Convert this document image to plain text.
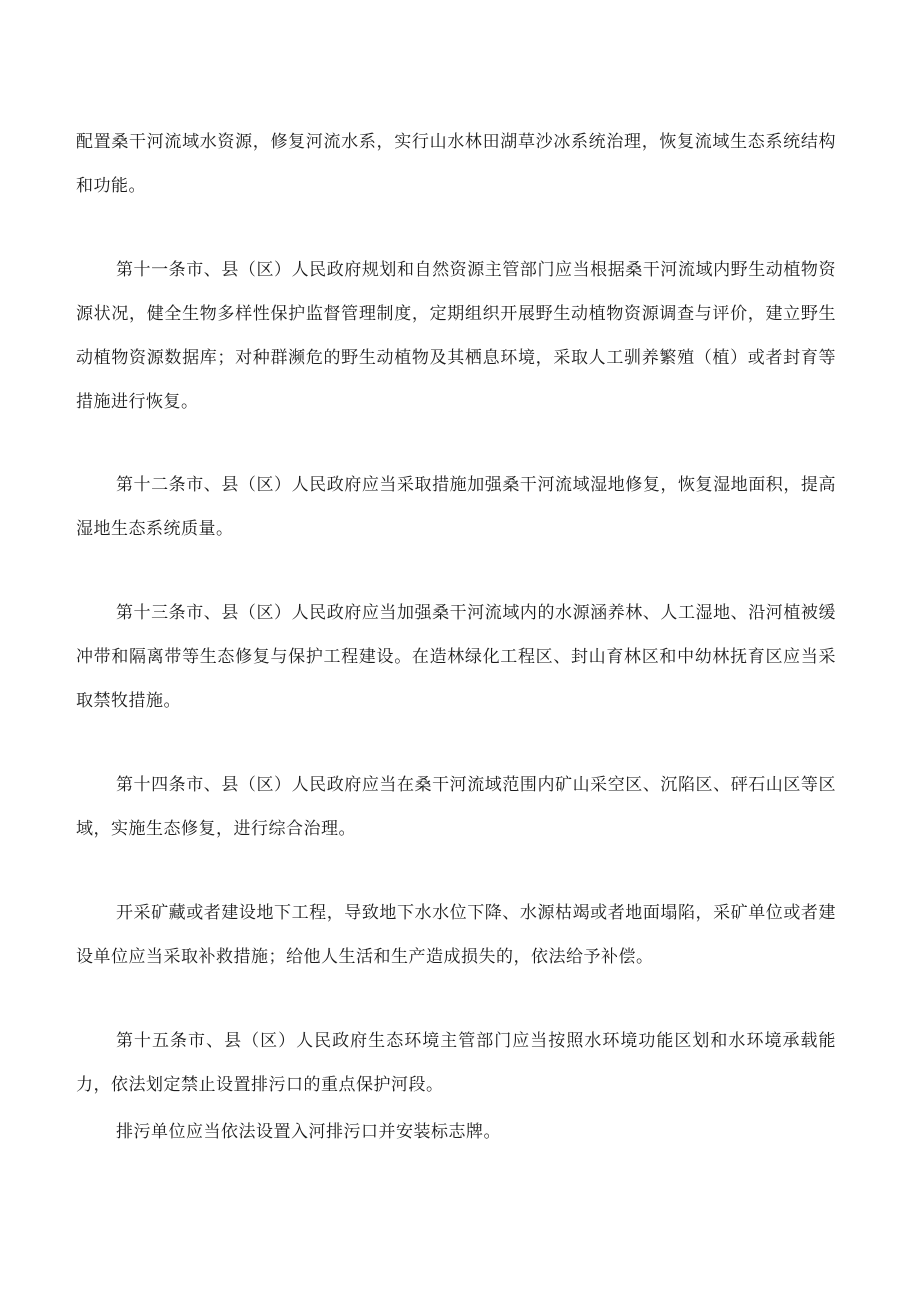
配置桑干河流域水资源，修复河流水系，实行山水林田湖草沙冰系统治理，恢复流域生态系统结构和功能。

第十一条市、县（区）人民政府规划和自然资源主管部门应当根据桑干河流域内野生动植物资源状况，健全生物多样性保护监督管理制度，定期组织开展野生动植物资源调查与评价，建立野生动植物资源数据库；对种群濒危的野生动植物及其栖息环境，采取人工驯养繁殖（植）或者封育等措施进行恢复。

第十二条市、县（区）人民政府应当采取措施加强桑干河流域湿地修复，恢复湿地面积，提高湿地生态系统质量。

第十三条市、县（区）人民政府应当加强桑干河流域内的水源涵养林、人工湿地、沿河植被缓冲带和隔离带等生态修复与保护工程建设。在造林绿化工程区、封山育林区和中幼林抚育区应当采取禁牧措施。

第十四条市、县（区）人民政府应当在桑干河流域范围内矿山采空区、沉陷区、砰石山区等区域，实施生态修复，进行综合治理。

开采矿藏或者建设地下工程，导致地下水水位下降、水源枯竭或者地面塌陷，采矿单位或者建设单位应当采取补救措施；给他人生活和生产造成损失的，依法给予补偿。

第十五条市、县（区）人民政府生态环境主管部门应当按照水环境功能区划和水环境承载能力，依法划定禁止设置排污口的重点保护河段。

排污单位应当依法设置入河排污口并安装标志牌。
